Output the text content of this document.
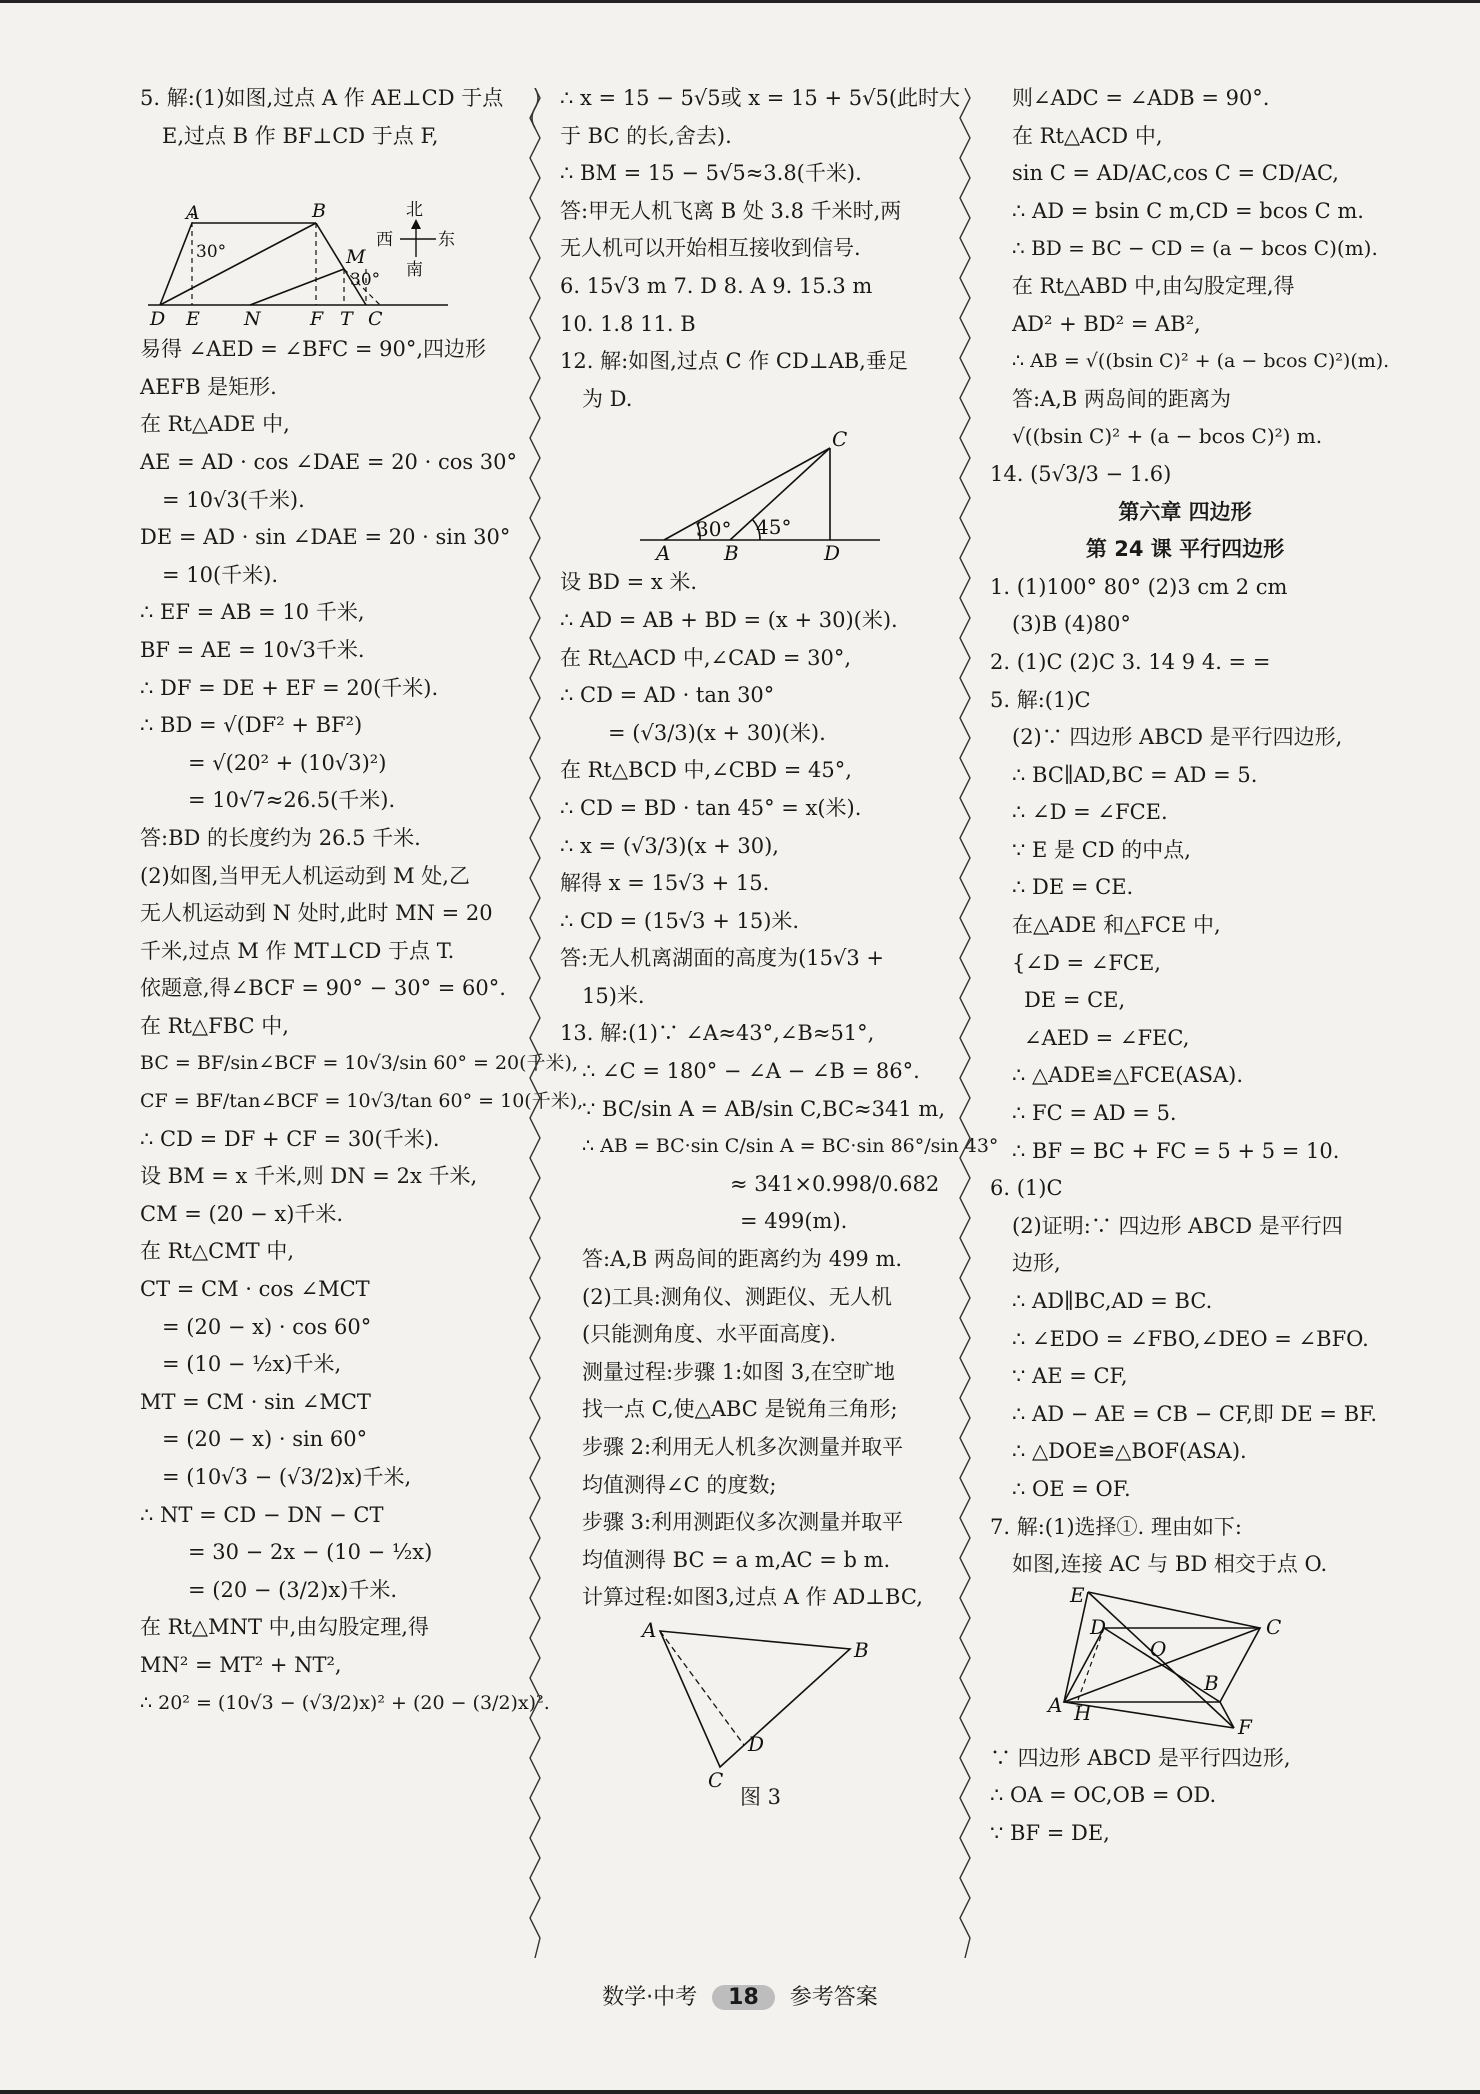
5. 解:(1)如图,过点 A 作 AE⊥CD 于点
E,过点 B 作 BF⊥CD 于点 F,
A	B
M
D E N	F T C
30°
30°
北
南
西	东
易得 ∠AED = ∠BFC = 90°,四边形
AEFB 是矩形.
在 Rt△ADE 中,
AE = AD · cos ∠DAE = 20 · cos 30°
= 10√3(千米).
DE = AD · sin ∠DAE = 20 · sin 30°
= 10(千米).
∴ EF = AB = 10 千米,
BF = AE = 10√3千米.
∴ DF = DE + EF = 20(千米).
∴ BD = √(DF² + BF²)
= √(20² + (10√3)²)
= 10√7≈26.5(千米).
答:BD 的长度约为 26.5 千米.
(2)如图,当甲无人机运动到 M 处,乙
无人机运动到 N 处时,此时 MN = 20
千米,过点 M 作 MT⊥CD 于点 T.
依题意,得∠BCF = 90° − 30° = 60°.
在 Rt△FBC 中,
BC = BF/sin∠BCF = 10√3/sin 60° = 20(千米),
CF = BF/tan∠BCF = 10√3/tan 60° = 10(千米),
∴ CD = DF + CF = 30(千米).
设 BM = x 千米,则 DN = 2x 千米,
CM = (20 − x)千米.
在 Rt△CMT 中,
CT = CM · cos ∠MCT
= (20 − x) · cos 60°
= (10 − ½x)千米,
MT = CM · sin ∠MCT
= (20 − x) · sin 60°
= (10√3 − (√3/2)x)千米,
∴ NT = CD − DN − CT
= 30 − 2x − (10 − ½x)
= (20 − (3/2)x)千米.
在 Rt△MNT 中,由勾股定理,得
MN² = MT² + NT²,
∴ 20² = (10√3 − (√3/2)x)² + (20 − (3/2)x)².
∴ x = 15 − 5√5或 x = 15 + 5√5(此时大
于 BC 的长,舍去).
∴ BM = 15 − 5√5≈3.8(千米).
答:甲无人机飞离 B 处 3.8 千米时,两
无人机可以开始相互接收到信号.
6. 15√3 m 7. D 8. A 9. 15.3 m
10. 1.8 11. B
12. 解:如图,过点 C 作 CD⊥AB,垂足
为 D.
C
A	B	D
30° 45°
设 BD = x 米.
∴ AD = AB + BD = (x + 30)(米).
在 Rt△ACD 中,∠CAD = 30°,
∴ CD = AD · tan 30°
= (√3/3)(x + 30)(米).
在 Rt△BCD 中,∠CBD = 45°,
∴ CD = BD · tan 45° = x(米).
∴ x = (√3/3)(x + 30),
解得 x = 15√3 + 15.
∴ CD = (15√3 + 15)米.
答:无人机离湖面的高度为(15√3 +
15)米.
13. 解:(1)∵ ∠A≈43°,∠B≈51°,
∴ ∠C = 180° − ∠A − ∠B = 86°.
∵ BC/sin A = AB/sin C,BC≈341 m,
∴ AB = BC·sin C/sin A = BC·sin 86°/sin 43°
≈ 341×0.998/0.682
= 499(m).
答:A,B 两岛间的距离约为 499 m.
(2)工具:测角仪、测距仪、无人机
(只能测角度、水平面高度).
测量过程:步骤 1:如图 3,在空旷地
找一点 C,使△ABC 是锐角三角形;
步骤 2:利用无人机多次测量并取平
均值测得∠C 的度数;
步骤 3:利用测距仪多次测量并取平
均值测得 BC = a m,AC = b m.
计算过程:如图3,过点 A 作 AD⊥BC,
A
B
C
D
图 3
则∠ADC = ∠ADB = 90°.
在 Rt△ACD 中,
sin C = AD/AC,cos C = CD/AC,
∴ AD = bsin C m,CD = bcos C m.
∴ BD = BC − CD = (a − bcos C)(m).
在 Rt△ABD 中,由勾股定理,得
AD² + BD² = AB²,
∴ AB = √((bsin C)² + (a − bcos C)²)(m).
答:A,B 两岛间的距离为
√((bsin C)² + (a − bcos C)²) m.
14. (5√3/3 − 1.6)
第六章 四边形
第 24 课 平行四边形
1. (1)100° 80° (2)3 cm 2 cm
(3)B (4)80°
2. (1)C (2)C 3. 14 9 4. = =
5. 解:(1)C
(2)∵ 四边形 ABCD 是平行四边形,
∴ BC∥AD,BC = AD = 5.
∴ ∠D = ∠FCE.
∵ E 是 CD 的中点,
∴ DE = CE.
在△ADE 和△FCE 中,
{∠D = ∠FCE,
DE = CE,
∠AED = ∠FEC,
∴ △ADE≌△FCE(ASA).
∴ FC = AD = 5.
∴ BF = BC + FC = 5 + 5 = 10.
6. (1)C
(2)证明:∵ 四边形 ABCD 是平行四
边形,
∴ AD∥BC,AD = BC.
∴ ∠EDO = ∠FBO,∠DEO = ∠BFO.
∵ AE = CF,
∴ AD − AE = CB − CF,即 DE = BF.
∴ △DOE≌△BOF(ASA).
∴ OE = OF.
7. 解:(1)选择①. 理由如下:
如图,连接 AC 与 BD 相交于点 O.
E
D
O
C
B
A H
F
∵ 四边形 ABCD 是平行四边形,
∴ OA = OC,OB = OD.
∵ BF = DE,
数学·中考 18 参考答案
